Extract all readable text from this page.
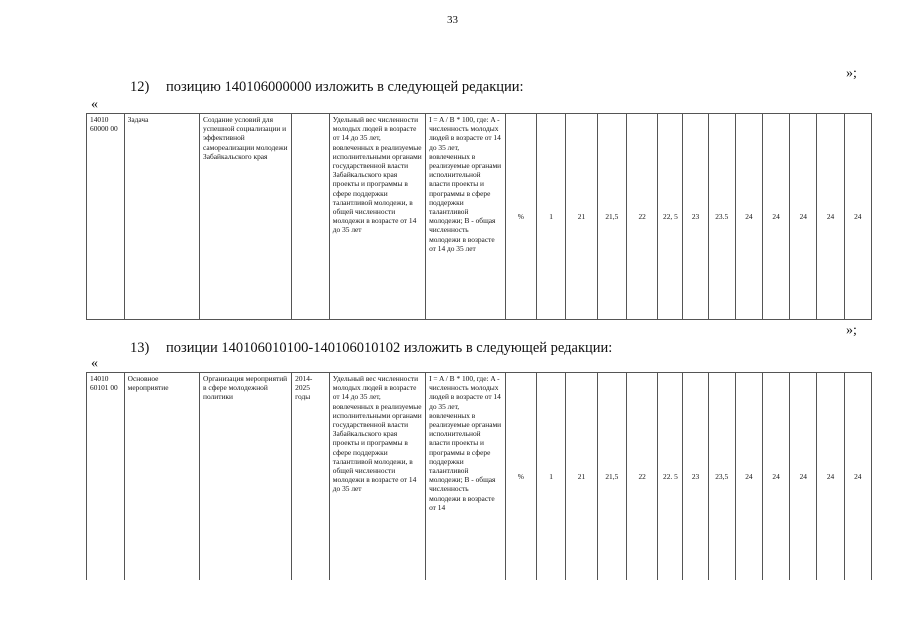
33
»;
12) позицию 140106000000 изложить в следующей редакции:
«
14010 60000 00	Задача	Создание условий для успешной социализации и эффективной самореализации молодежи Забайкальского края		Удельный вес численности молодых людей в возрасте от 14 до 35 лет, вовлеченных в реализуемые исполнительными органами государственной власти Забайкальского края проекты и программы в сфере поддержки талантливой молодежи, в общей численности молодежи в возрасте от 14 до 35 лет	I = A / B * 100, где: A - численность молодых людей в возрасте от 14 до 35 лет, вовлеченных в реализуемые органами исполнительной власти проекты и программы в сфере поддержки талантливой молодежи; B - общая численность молодежи в возрасте от 14 до 35 лет	%	1	21	21,5	22	22, 5	23	23.5	24	24	24	24	24
»;
13) позиции 140106010100-140106010102 изложить в следующей редакции:
«
14010 60101 00	Основное мероприятие	Организация мероприятий в сфере молодежной политики	2014- 2025 годы	Удельный вес численности молодых людей в возрасте от 14 до 35 лет, вовлеченных в реализуемые исполнительными органами государственной власти Забайкальского края проекты и программы в сфере поддержки талантливой молодежи, в общей численности молодежи в возрасте от 14 до 35 лет	I = A / B * 100, где: A - численность молодых людей в возрасте от 14 до 35 лет, вовлеченных в реализуемые органами исполнительной власти проекты и программы в сфере поддержки талантливой молодежи; B - общая численность молодежи в возрасте от 14	%	1	21	21,5	22	22. 5	23	23,5	24	24	24	24	24
